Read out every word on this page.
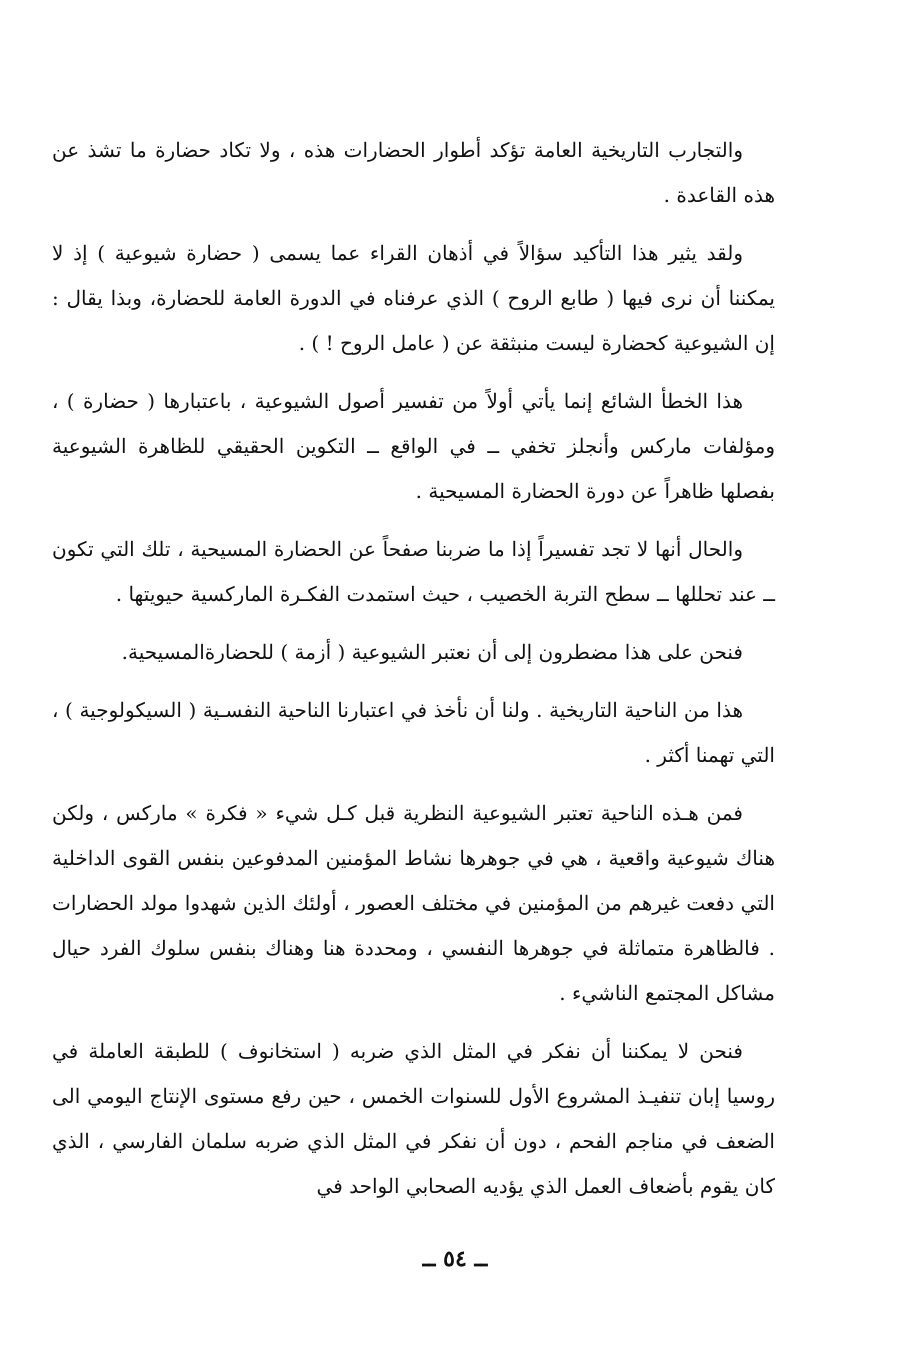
والتجارب التاريخية العامة تؤكد أطوار الحضارات هذه ، ولا تكاد حضارة ما تشذ عن هذه القاعدة .

ولقد يثير هذا التأكيد سؤالاً في أذهان القراء عما يسمى ( حضارة شيوعية ) إذ لا يمكننا أن نرى فيها ( طابع الروح ) الذي عرفناه في الدورة العامة للحضارة، وبذا يقال : إن الشيوعية كحضارة ليست منبثقة عن ( عامل الروح ! ) .

هذا الخطأ الشائع إنما يأتي أولاً من تفسير أصول الشيوعية ، باعتبارها ( حضارة ) ، ومؤلفات ماركس وأنجلز تخفي ــ في الواقع ــ التكوين الحقيقي للظاهرة الشيوعية بفصلها ظاهراً عن دورة الحضارة المسيحية .

والحال أنها لا تجد تفسيراً إذا ما ضربنا صفحاً عن الحضارة المسيحية ، تلك التي تكون ــ عند تحللها ــ سطح التربة الخصيب ، حيث استمدت الفكـرة الماركسية حيويتها .

فنحن على هذا مضطرون إلى أن نعتبر الشيوعية ( أزمة ) للحضارةالمسيحية.

هذا من الناحية التاريخية . ولنا أن نأخذ في اعتبارنا الناحية النفسـية ( السيكولوجية ) ، التي تهمنا أكثر .

فمن هـذه الناحية تعتبر الشيوعية النظرية قبل كـل شيء « فكرة » ماركس ، ولكن هناك شيوعية واقعية ، هي في جوهرها نشاط المؤمنين المدفوعين بنفس القوى الداخلية التي دفعت غيرهم من المؤمنين في مختلف العصور ، أولئك الذين شهدوا مولد الحضارات . فالظاهرة متماثلة في جوهرها النفسي ، ومحددة هنا وهناك بنفس سلوك الفرد حيال مشاكل المجتمع الناشيء .

فنحن لا يمكننا أن نفكر في المثل الذي ضربه ( استخانوف ) للطبقة العاملة في روسيا إبان تنفيـذ المشروع الأول للسنوات الخمس ، حين رفع مستوى الإنتاج اليومي الى الضعف في مناجم الفحم ، دون أن نفكر في المثل الذي ضربه سلمان الفارسي ، الذي كان يقوم بأضعاف العمل الذي يؤديه الصحابي الواحد في

ــ ٥٤ ــ
